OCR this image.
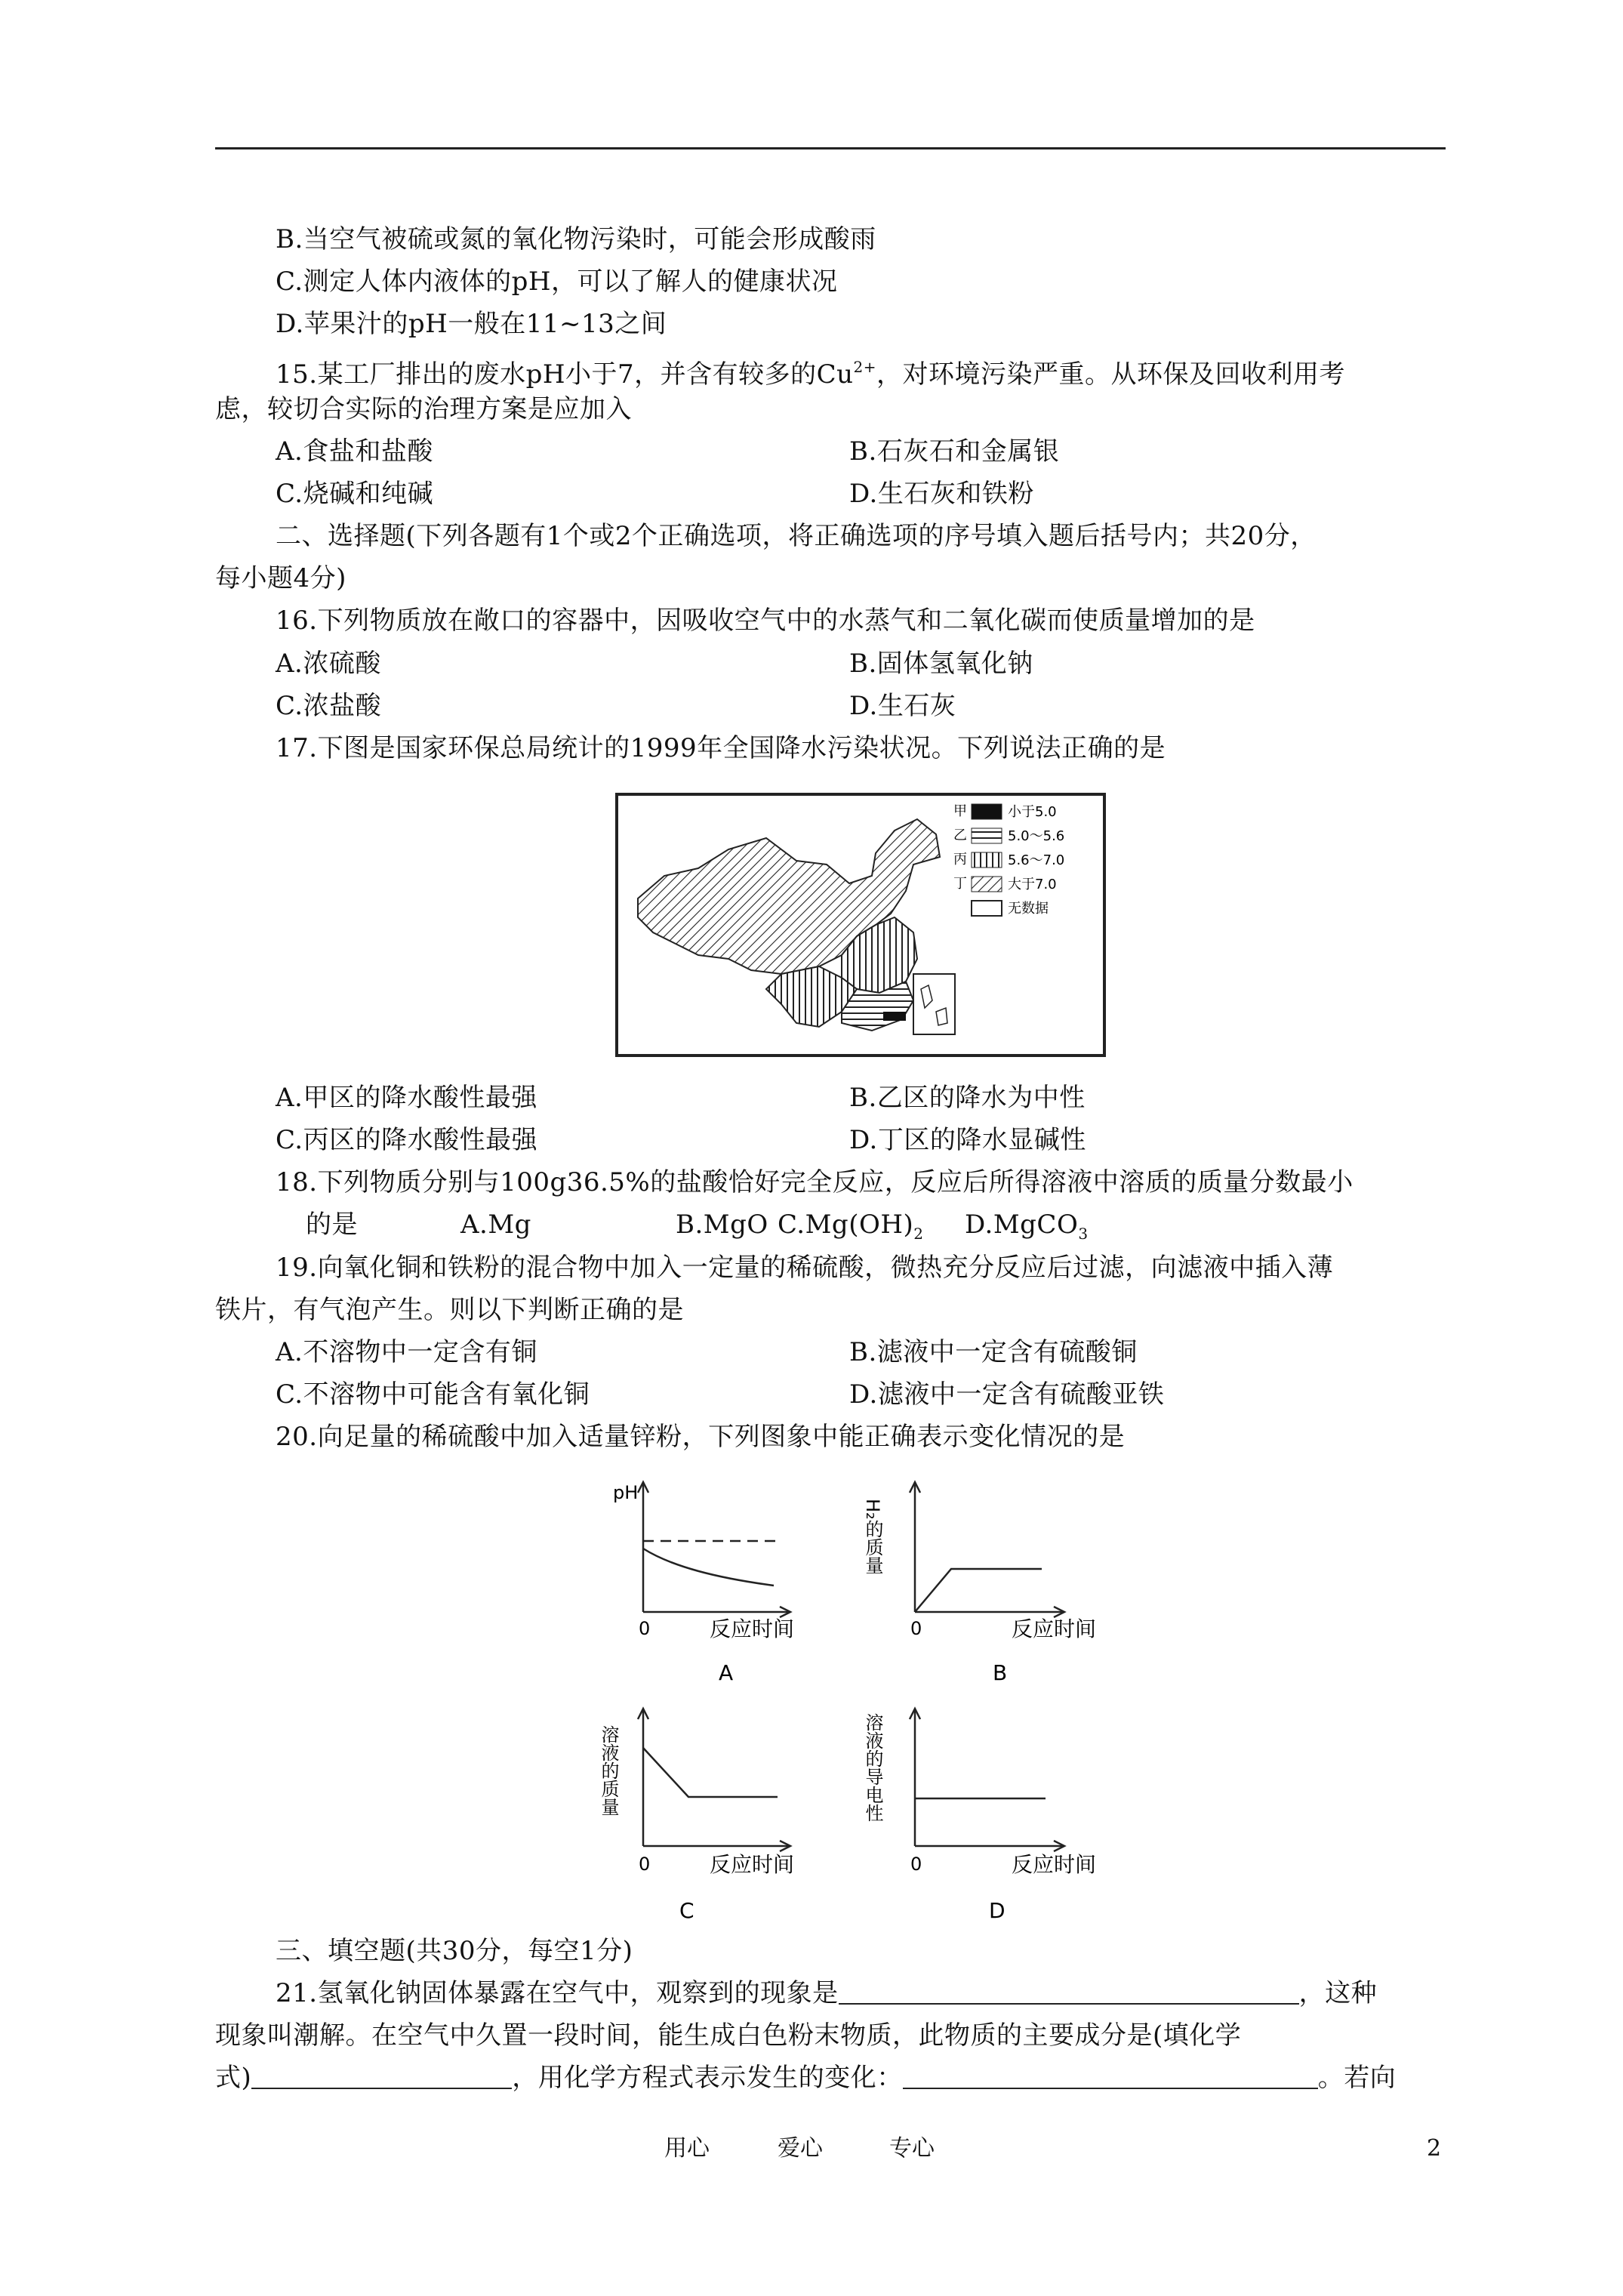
B.当空气被硫或氮的氧化物污染时，可能会形成酸雨
C.测定人体内液体的pH，可以了解人的健康状况
D.苹果汁的pH一般在11~13之间
15.某工厂排出的废水pH小于7，并含有较多的$Cu^{2+}$，对环境污染严重。从环保及回收利用考
虑，较切合实际的治理方案是应加入
A.食盐和盐酸	B.石灰石和金属银
C.烧碱和纯碱	D.生石灰和铁粉
二、选择题(下列各题有1个或2个正确选项，将正确选项的序号填入题后括号内；共20分，
每小题4分)
16.下列物质放在敞口的容器中，因吸收空气中的水蒸气和二氧化碳而使质量增加的是
A.浓硫酸	B.固体氢氧化钠
C.浓盐酸	D.生石灰
17.下图是国家环保总局统计的1999年全国降水污染状况。下列说法正确的是
甲	小于5.0
乙	5.0～5.6
丙	5.6～7.0
丁	大于7.0
无数据
A.甲区的降水酸性最强	B.乙区的降水为中性
C.丙区的降水酸性最强	D.丁区的降水显碱性
18.下列物质分别与100g36.5%的盐酸恰好完全反应，反应后所得溶液中溶质的质量分数最小
的是	A.Mg	B.MgO $C.Mg(OH)_2$ D.MgCO$_3$
19.向氧化铜和铁粉的混合物中加入一定量的稀硫酸，微热充分反应后过滤，向滤液中插入薄
铁片，有气泡产生。则以下判断正确的是
A.不溶物中一定含有铜	B.滤液中一定含有硫酸铜
C.不溶物中可能含有氧化铜	D.滤液中一定含有硫酸亚铁
20.向足量的稀硫酸中加入适量锌粉，下列图象中能正确表示变化情况的是
pH
0	反应时间
A
H₂的质量
0	反应时间
B
溶液的质量
0	反应时间
C
溶液的导电性
0	反应时间
D
三、填空题(共30分，每空1分)
21.氢氧化钠固体暴露在空气中，观察到的现象是	，这种
现象叫潮解。在空气中久置一段时间，能生成白色粉末物质，此物质的主要成分是(填化学
式)	，用化学方程式表示发生的变化：	。若向
用心	爱心	专心	2
